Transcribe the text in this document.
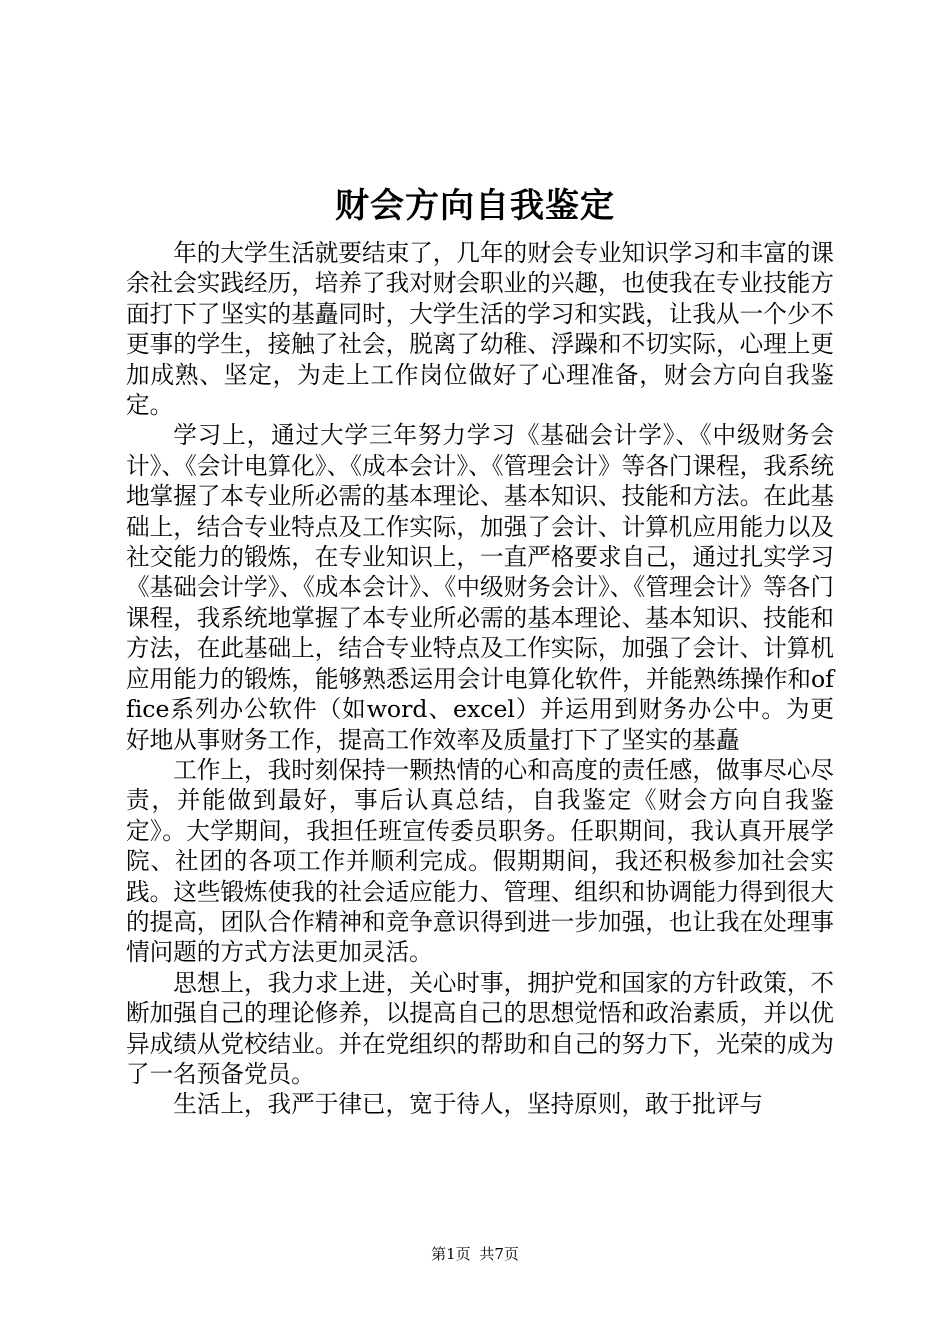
财会方向自我鉴定

年的大学生活就要结束了，几年的财会专业知识学习和丰富的课余社会实践经历，培养了我对财会职业的兴趣，也使我在专业技能方面打下了坚实的基矗同时，大学生活的学习和实践，让我从一个少不更事的学生，接触了社会，脱离了幼稚、浮躁和不切实际，心理上更加成熟、坚定，为走上工作岗位做好了心理准备，财会方向自我鉴定。

学习上，通过大学三年努力学习《基础会计学》、《中级财务会计》、《会计电算化》、《成本会计》、《管理会计》等各门课程，我系统地掌握了本专业所必需的基本理论、基本知识、技能和方法。在此基础上，结合专业特点及工作实际，加强了会计、计算机应用能力以及社交能力的锻炼，在专业知识上，一直严格要求自己，通过扎实学习《基础会计学》、《成本会计》、《中级财务会计》、《管理会计》等各门课程，我系统地掌握了本专业所必需的基本理论、基本知识、技能和方法，在此基础上，结合专业特点及工作实际，加强了会计、计算机应用能力的锻炼，能够熟悉运用会计电算化软件，并能熟练操作和office系列办公软件（如word、excel）并运用到财务办公中。为更好地从事财务工作，提高工作效率及质量打下了坚实的基矗

工作上，我时刻保持一颗热情的心和高度的责任感，做事尽心尽责，并能做到最好，事后认真总结，自我鉴定《财会方向自我鉴定》。大学期间，我担任班宣传委员职务。任职期间，我认真开展学院、社团的各项工作并顺利完成。假期期间，我还积极参加社会实践。这些锻炼使我的社会适应能力、管理、组织和协调能力得到很大的提高，团队合作精神和竞争意识得到进一步加强，也让我在处理事情问题的方式方法更加灵活。

思想上，我力求上进，关心时事，拥护党和国家的方针政策，不断加强自己的理论修养，以提高自己的思想觉悟和政治素质，并以优异成绩从党校结业。并在党组织的帮助和自己的努力下，光荣的成为了一名预备党员。

生活上，我严于律已，宽于待人，坚持原则，敢于批评与

第1页 共7页
